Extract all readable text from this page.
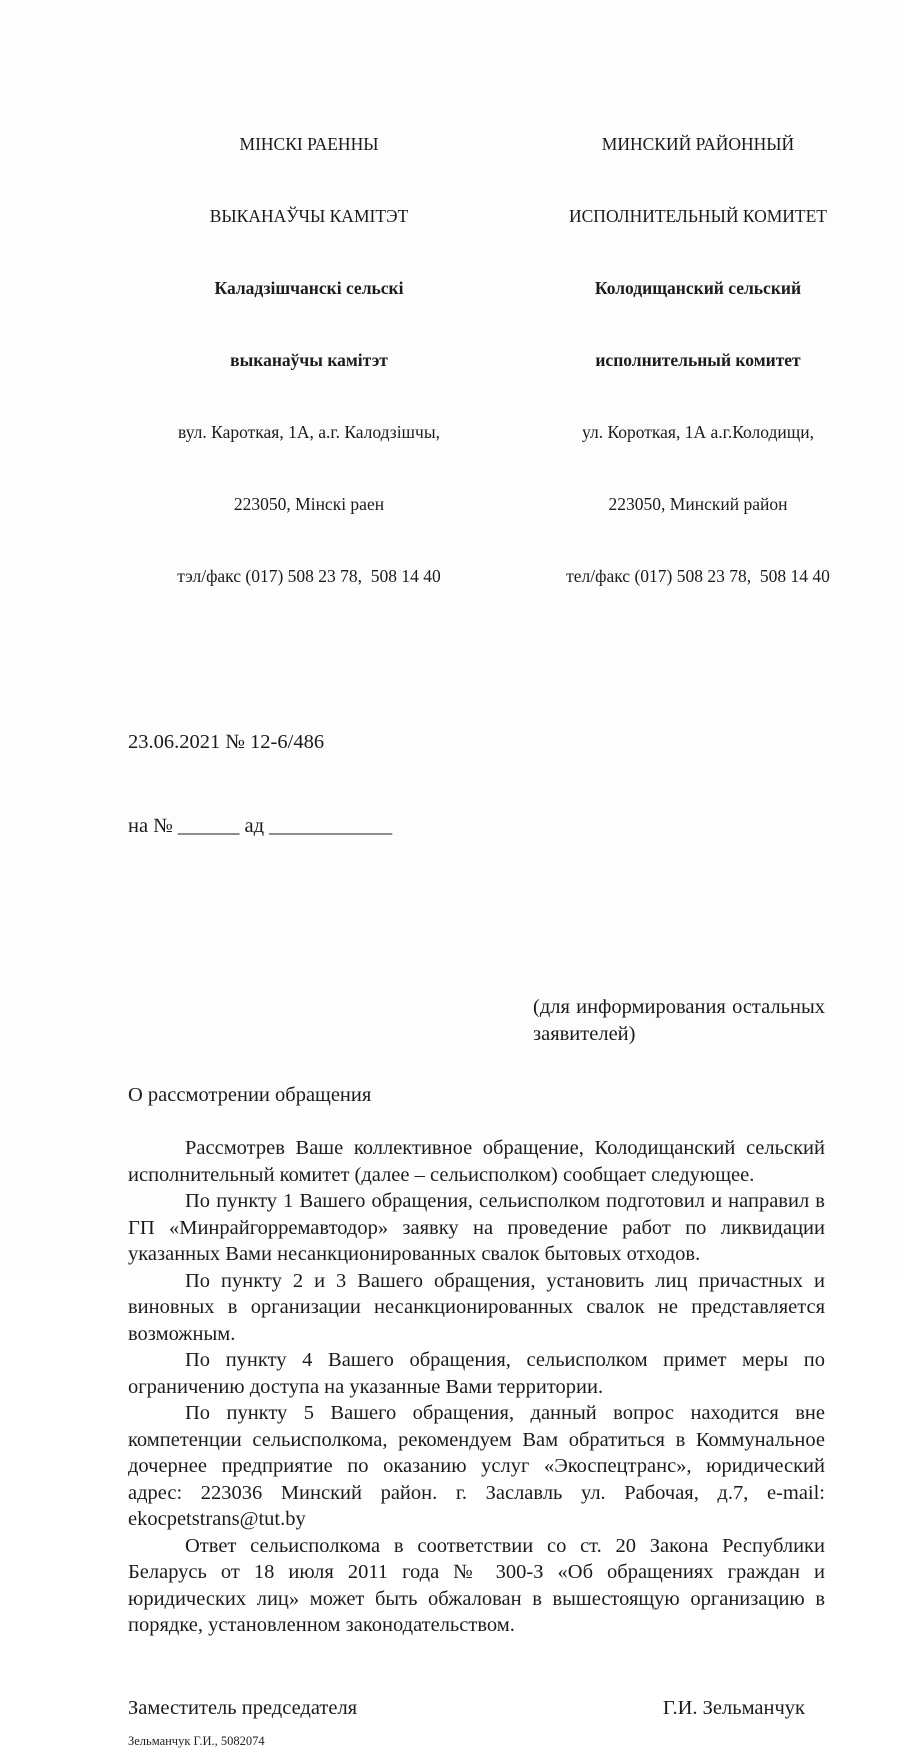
МІНСКІ РАЕННЫ

ВЫКАНАЎЧЫ КАМІТЭТ

Каладзішчанскі сельскі

выканаўчы камітэт

вул. Кароткая, 1А, а.г. Калодзішчы,

223050, Мінскі раен

тэл/факс (017) 508 23 78,  508 14 40

МИНСКИЙ РАЙОННЫЙ

ИСПОЛНИТЕЛЬНЫЙ КОМИТЕТ

Колодищанский сельский

исполнительный комитет

ул. Короткая, 1А а.г.Колодищи,

223050, Минский район

тел/факс (017) 508 23 78,  508 14 40

23.06.2021 № 12-6/486

на № ______ ад ____________

(для информирования остальных заявителей)
О рассмотрении обращения

Рассмотрев Ваше коллективное обращение, Колодищанский сельский исполнительный комитет (далее – сельисполком) сообщает следующее.

По пункту 1 Вашего обращения, сельисполком подготовил и направил в ГП «Минрайгорремавтодор» заявку на проведение работ по ликвидации указанных Вами несанкционированных свалок бытовых отходов.

По пункту 2 и 3 Вашего обращения, установить лиц причастных и виновных в организации несанкционированных свалок не представляется возможным.

По пункту 4 Вашего обращения, сельисполком примет меры по ограничению доступа на указанные Вами территории.

По пункту 5 Вашего обращения, данный вопрос находится вне компетенции сельисполкома, рекомендуем Вам обратиться в Коммунальное дочернее предприятие по оказанию услуг «Экоспецтранс», юридический адрес: 223036 Минский район. г. Заславль ул. Рабочая, д.7, e-mail: ekocpetstrans@tut.by

Ответ сельисполкома в соответствии со ст. 20 Закона Республики Беларусь от 18 июля 2011 года № 300-З «Об обращениях граждан и юридических лиц» может быть обжалован в вышестоящую организацию в порядке, установленном законодательством.

Заместитель председателя	Г.И. Зельманчук
Зельманчук Г.И., 5082074
